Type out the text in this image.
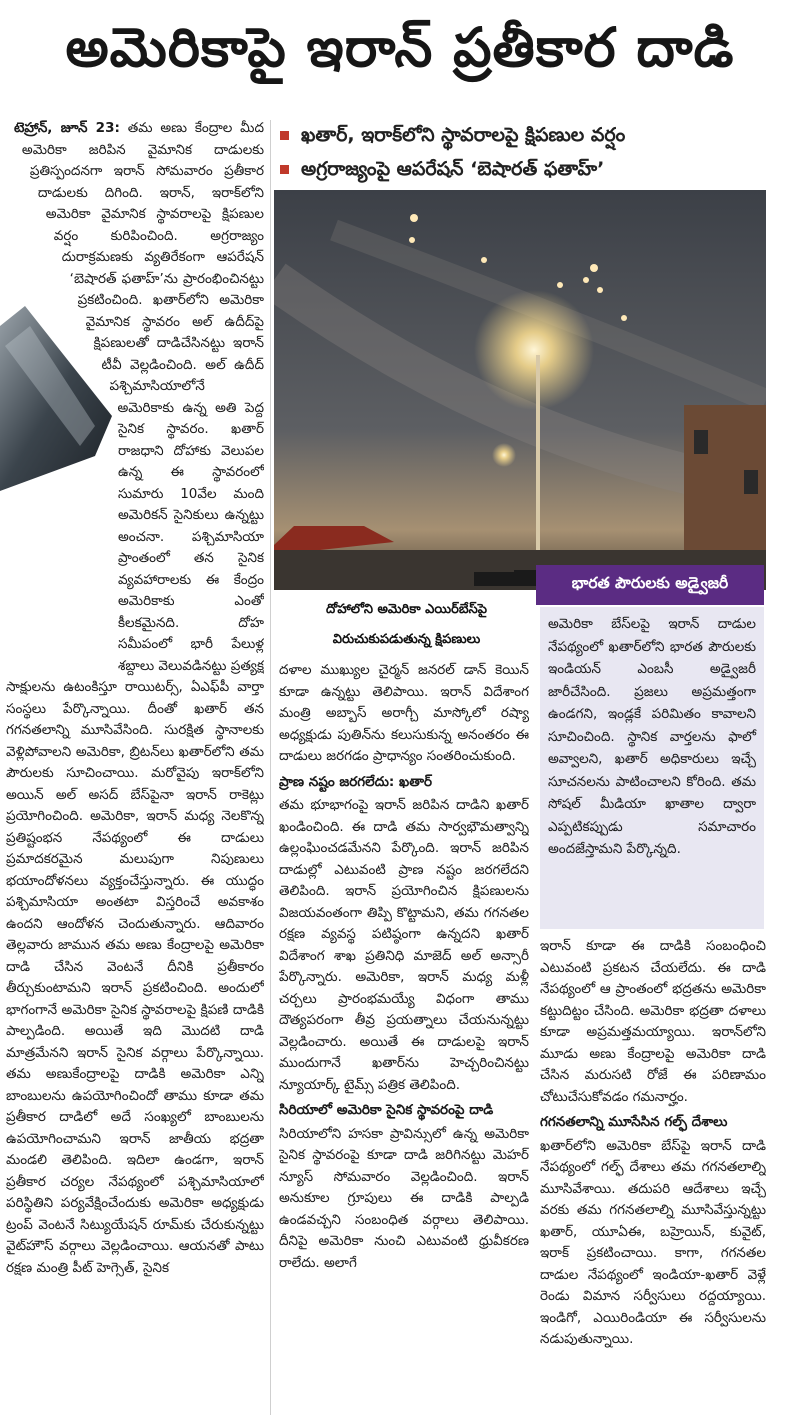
అమెరికాపై ఇరాన్ ప్రతీకార దాడి
ఖతార్, ఇరాక్‌లోని స్థావరాలపై క్షిపణుల వర్షం
అగ్రరాజ్యంపై ఆపరేషన్ ‘బెషారత్ ఫతాహ్’

టెహ్రాన్, జూన్ 23: తమ అణు కేంద్రాల మీద అమెరికా జరిపిన వైమానిక దాడులకు ప్రతిస్పందనగా ఇరాన్ సోమవారం ప్రతీకార దాడులకు దిగింది. ఇరాన్, ఇరాక్‌లోని అమెరికా వైమానిక స్థావరాలపై క్షిపణుల వర్షం కురిపించింది. అగ్రరాజ్యం దురాక్రమణకు వ్యతిరేకంగా ఆపరేషన్ ‘బెషారత్ ఫతాహ్’ను ప్రారంభించినట్టు ప్రకటించింది. ఖతార్‌లోని అమెరికా వైమానిక స్థావరం అల్ ఉదీద్‌పై క్షిపణులతో దాడిచేసినట్టు ఇరాన్ టీవీ వెల్లడించింది. అల్ ఉదీద్ పశ్చిమాసియాలోనే అమెరికాకు ఉన్న అతి పెద్ద సైనిక స్థావరం. ఖతార్ రాజధాని దోహాకు వెలుపల ఉన్న ఈ స్థావరంలో సుమారు 10వేల మంది అమెరికన్ సైనికులు ఉన్నట్టు అంచనా. పశ్చిమాసియా ప్రాంతంలో తన సైనిక వ్యవహారాలకు ఈ కేంద్రం అమెరికాకు ఎంతో కీలకమైనది. దోహ సమీపంలో భారీ పేలుళ్ల శబ్దాలు వెలువడినట్టు ప్రత్యక్ష సాక్షులను ఉటంకిస్తూ రాయిటర్స్, ఏఎఫ్‌పీ వార్తా సంస్థలు పేర్కొన్నాయి. దీంతో ఖతార్ తన గగనతలాన్ని మూసివేసింది. సురక్షిత స్థానాలకు వెళ్లిపోవాలని అమెరికా, బ్రిటన్‌లు ఖతార్‌లోని తమ పౌరులకు సూచించాయి. మరోవైపు ఇరాక్‌లోని అయిన్ అల్ అసద్ బేస్‌పైనా ఇరాన్ రాకెట్లు ప్రయోగించింది. అమెరికా, ఇరాన్ మధ్య నెలకొన్న ప్రతిష్టంభన నేపథ్యంలో ఈ దాడులు ప్రమాదకరమైన మలుపుగా నిపుణులు భయాందోళనలు వ్యక్తంచేస్తున్నారు. ఈ యుద్ధం పశ్చిమాసియా అంతటా విస్తరించే అవకాశం ఉందని ఆందోళన చెందుతున్నారు. ఆదివారం తెల్లవారు జామున తమ అణు కేంద్రాలపై అమెరికా దాడి చేసిన వెంటనే దీనికి ప్రతీకారం తీర్చుకుంటామని ఇరాన్ ప్రకటించింది. అందులో భాగంగానే అమెరికా సైనిక స్థావరాలపై క్షిపణి దాడికి పాల్పడింది. అయితే ఇది మొదటి దాడి మాత్రమేనని ఇరాన్ సైనిక వర్గాలు పేర్కొన్నాయి. తమ అణుకేంద్రాలపై దాడికి అమెరికా ఎన్ని బాంబులను ఉపయోగించిందో తాము కూడా తమ ప్రతీకార దాడిలో అదే సంఖ్యలో బాంబులను ఉపయోగించామని ఇరాన్ జాతీయ భద్రతా మండలి తెలిపింది. ఇదిలా ఉండగా, ఇరాన్ ప్రతీకార చర్యల నేపథ్యంలో పశ్చిమాసియాలో పరిస్థితిని పర్యవేక్షించేందుకు అమెరికా అధ్యక్షుడు ట్రంప్ వెంటనే సిట్యుయేషన్ రూమ్‌కు చేరుకున్నట్టు వైట్‌హౌస్ వర్గాలు వెల్లడించాయి. ఆయనతో పాటు రక్షణ మంత్రి పీట్ హెగ్సెత్, సైనిక

దోహాలోని అమెరికా ఎయిర్‌బేస్‌పై
విరుచుకుపడుతున్న క్షిపణులు
భారత పౌరులకు అడ్వైజరీ
అమెరికా బేస్‌లపై ఇరాన్ దాడుల నేపథ్యంలో ఖతార్‌లోని భారత పౌరులకు ఇండియన్ ఎంబసీ అడ్వైజరీ జారీచేసింది. ప్రజలు అప్రమత్తంగా ఉండగని, ఇండ్లకే పరిమితం కావాలని సూచించింది. స్థానిక వార్తలను ఫాలో అవ్వాలని, ఖతార్ అధికారులు ఇచ్చే సూచనలను పాటించాలని కోరింది. తమ సోషల్ మీడియా ఖాతాల ద్వారా ఎప్పటికప్పుడు సమాచారం అందజేస్తామని పేర్కొన్నది.

దళాల ముఖ్యుల చైర్మన్ జనరల్ డాన్ కెయిన్ కూడా ఉన్నట్టు తెలిపాయి. ఇరాన్ విదేశాంగ మంత్రి అబ్బాస్ అరాగ్చీ మాస్కోలో రష్యా అధ్యక్షుడు పుతిన్‌ను కలుసుకున్న అనంతరం ఈ దాడులు జరగడం ప్రాధాన్యం సంతరించుకుంది.

ప్రాణ నష్టం జరగలేదు: ఖతార్

తమ భూభాగంపై ఇరాన్ జరిపిన దాడిని ఖతార్ ఖండించింది. ఈ దాడి తమ సార్వభౌమత్వాన్ని ఉల్లంఘించడమేనని పేర్కొంది. ఇరాన్ జరిపిన దాడుల్లో ఎటువంటి ప్రాణ నష్టం జరగలేదని తెలిపింది. ఇరాన్ ప్రయోగించిన క్షిపణులను విజయవంతంగా తిప్పి కొట్టామని, తమ గగనతల రక్షణ వ్యవస్థ పటిష్ఠంగా ఉన్నదని ఖతార్ విదేశాంగ శాఖ ప్రతినిధి మాజెద్ అల్ అన్సారీ పేర్కొన్నారు. అమెరికా, ఇరాన్ మధ్య మళ్లీ చర్చలు ప్రారంభమయ్యే విధంగా తాము దౌత్యపరంగా తీవ్ర ప్రయత్నాలు చేయనున్నట్టు వెల్లడించారు. అయితే ఈ దాడులపై ఇరాన్ ముందుగానే ఖతార్‌ను హెచ్చరించినట్టు న్యూయార్క్ టైమ్స్ పత్రిక తెలిపింది.

సిరియాలో అమెరికా సైనిక స్థావరంపై దాడి

సిరియాలోని హసకా ప్రావిన్సులో ఉన్న అమెరికా సైనిక స్థావరంపై కూడా దాడి జరిగినట్టు మెహర్ న్యూస్ సోమవారం వెల్లడించింది. ఇరాన్ అనుకూల గ్రూపులు ఈ దాడికి పాల్పడి ఉండవచ్చని సంబంధిత వర్గాలు తెలిపాయి. దీనిపై అమెరికా నుంచి ఎటువంటి ధ్రువీకరణ రాలేదు. అలాగే

ఇరాన్ కూడా ఈ దాడికి సంబంధించి ఎటువంటి ప్రకటన చేయలేదు. ఈ దాడి నేపథ్యంలో ఆ ప్రాంతంలో భద్రతను అమెరికా కట్టుదిట్టం చేసింది. అమెరికా భద్రతా దళాలు కూడా అప్రమత్తమయ్యాయి. ఇరాన్‌లోని మూడు అణు కేంద్రాలపై అమెరికా దాడి చేసిన మరుసటి రోజే ఈ పరిణామం చోటుచేసుకోవడం గమనార్హం.

గగనతలాన్ని మూసేసిన గల్ఫ్ దేశాలు

ఖతార్‌లోని అమెరికా బేస్‌పై ఇరాన్ దాడి నేపథ్యంలో గల్ఫ్ దేశాలు తమ గగనతలాల్ని మూసివేశాయి. తదుపరి ఆదేశాలు ఇచ్చే వరకు తమ గగనతలాల్ని మూసివేస్తున్నట్టు ఖతార్, యూఏఈ, బహ్రెయిన్, కువైట్, ఇరాక్ ప్రకటించాయి. కాగా, గగనతల దాడుల నేపథ్యంలో ఇండియా-ఖతార్ వెళ్లే రెండు విమాన సర్వీసులు రద్దయ్యాయి. ఇండిగో, ఎయిరిండియా ఈ సర్వీసులను నడుపుతున్నాయి.
